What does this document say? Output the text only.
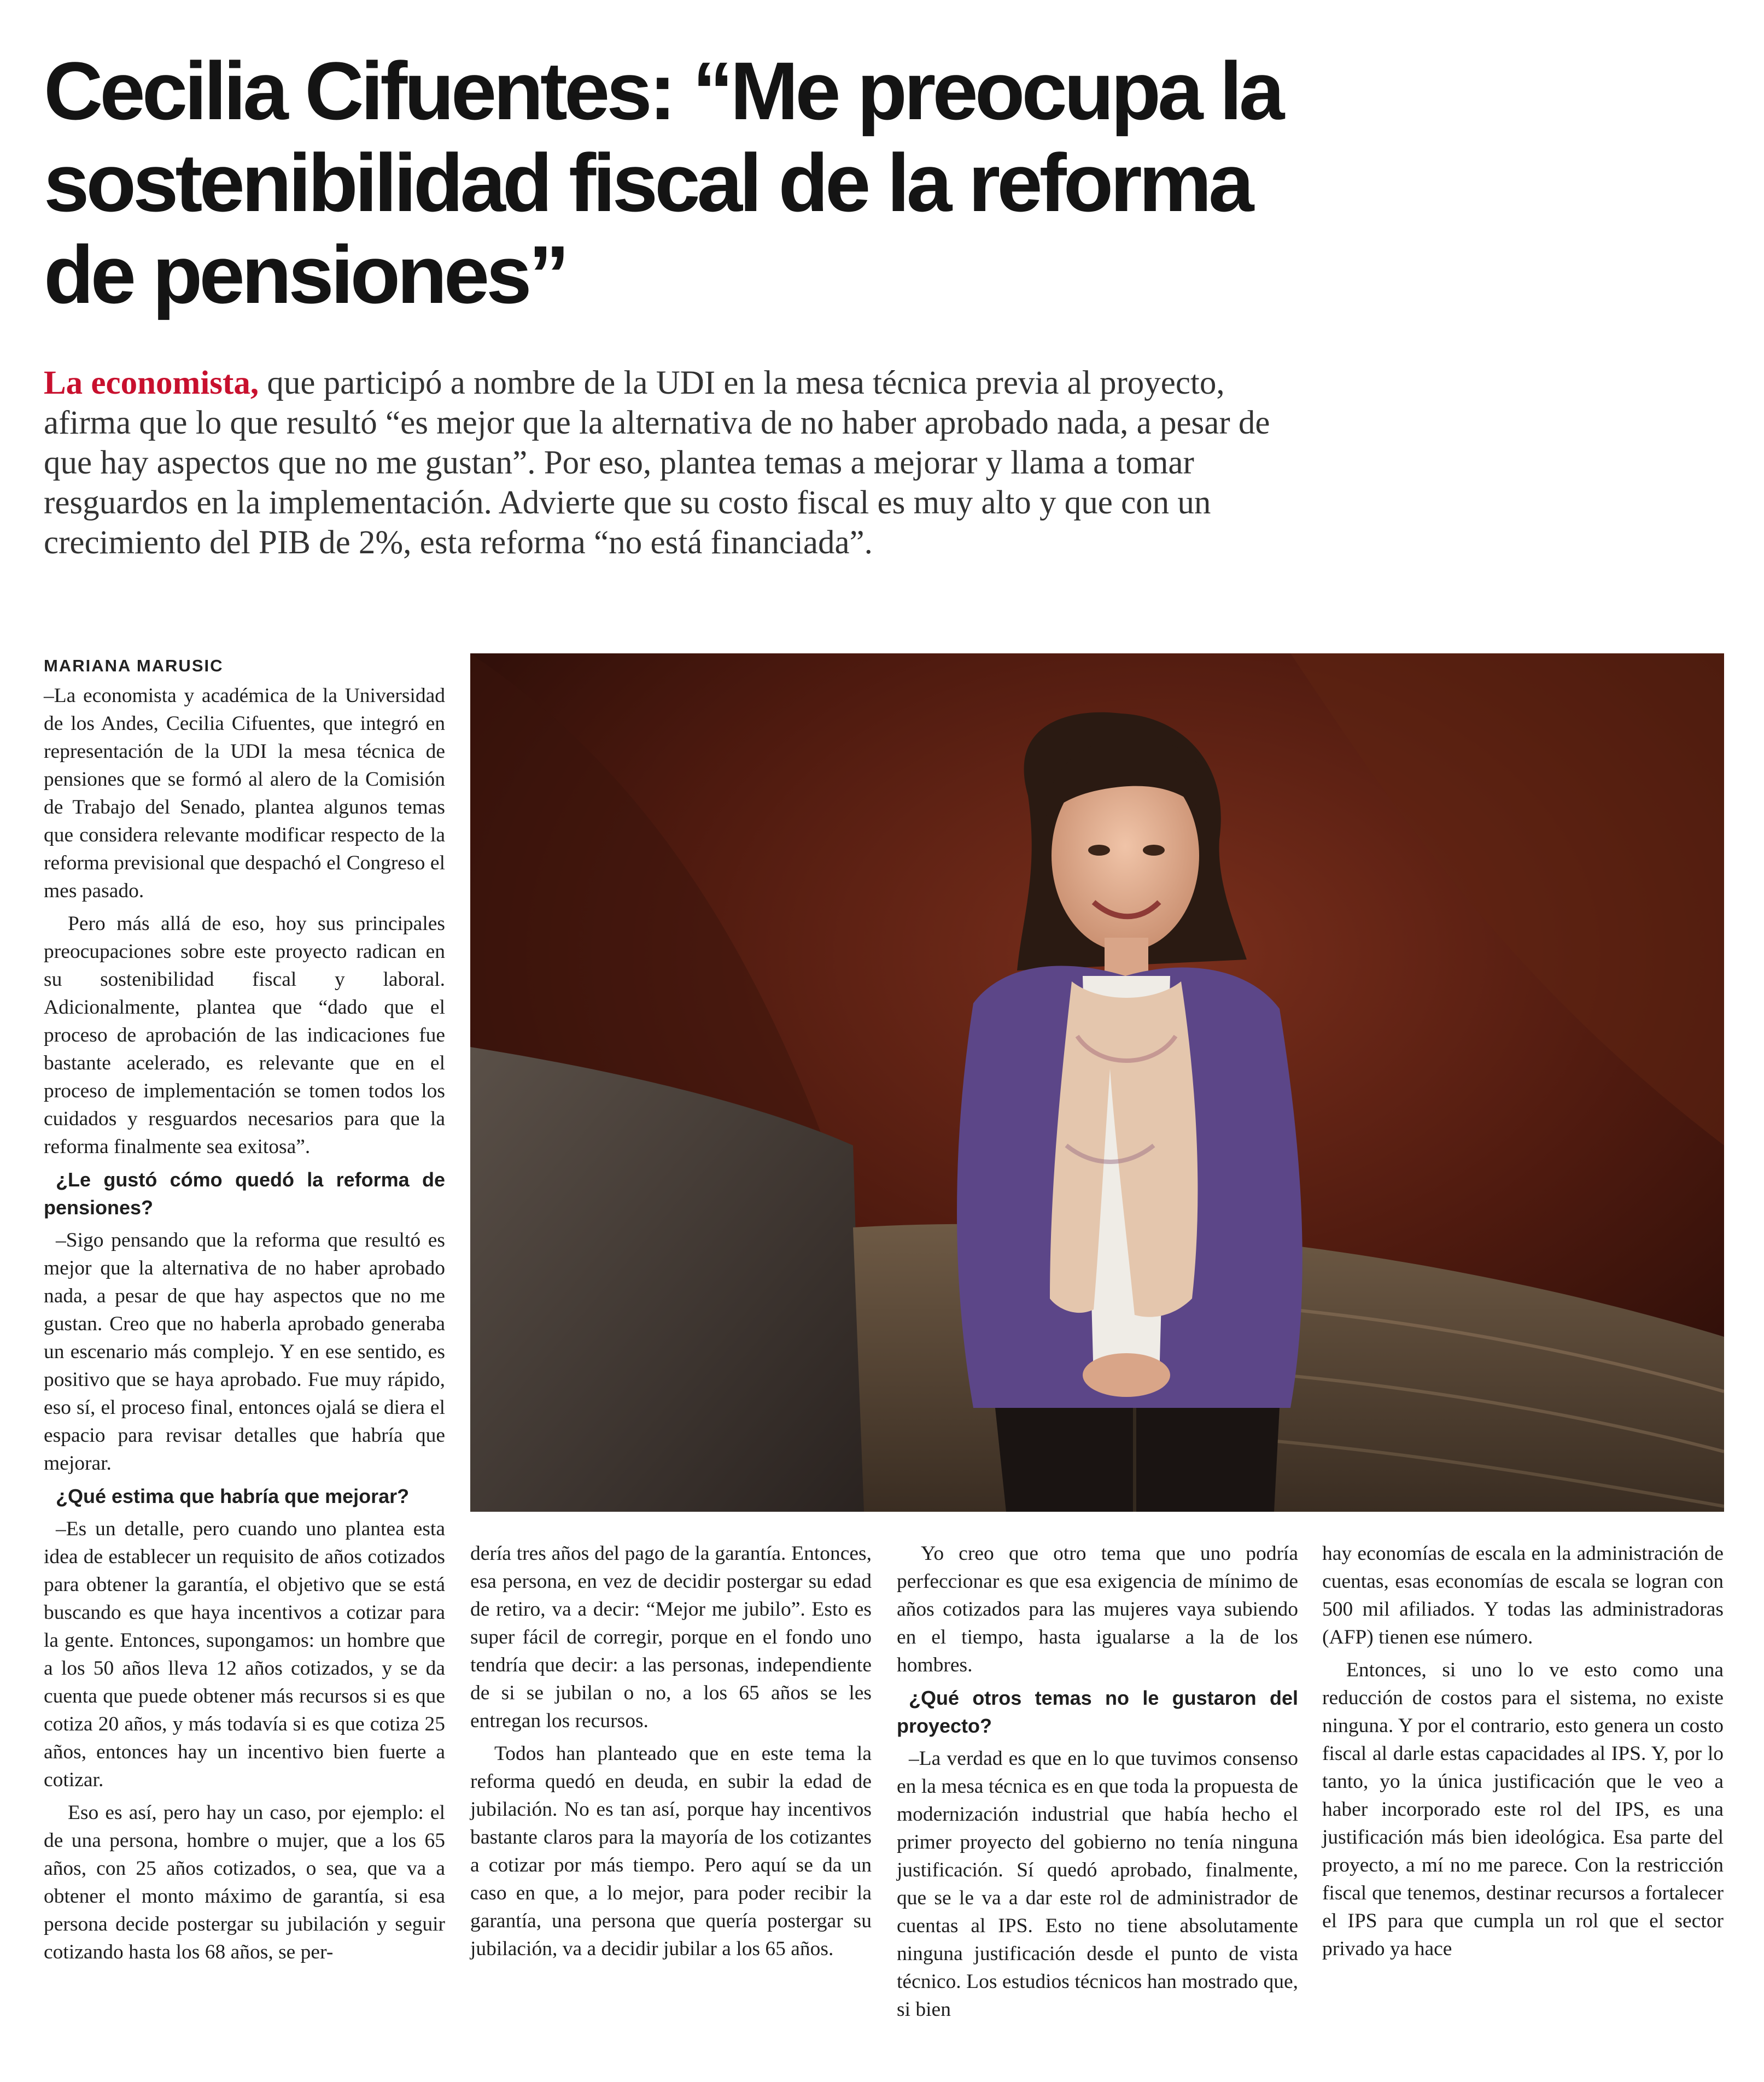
Cecilia Cifuentes: “Me preocupa la sostenibilidad fiscal de la reforma de pensiones”

La economista, que participó a nombre de la UDI en la mesa técnica previa al proyecto, afirma que lo que resultó “es mejor que la alternativa de no haber aprobado nada, a pesar de que hay aspectos que no me gustan”. Por eso, plantea temas a mejorar y llama a tomar resguardos en la implementación. Advierte que su costo fiscal es muy alto y que con un crecimiento del PIB de 2%, esta reforma “no está financiada”.

MARIANA MARUSIC

–La economista y académica de la Universidad de los Andes, Cecilia Cifuentes, que integró en representación de la UDI la mesa técnica de pensiones que se formó al alero de la Comisión de Trabajo del Senado, plantea algunos temas que considera relevante modificar respecto de la reforma previsional que despachó el Congreso el mes pasado.

Pero más allá de eso, hoy sus principales preocupaciones sobre este proyecto radican en su sostenibilidad fiscal y laboral. Adicionalmente, plantea que “dado que el proceso de aprobación de las indicaciones fue bastante acelerado, es relevante que en el proceso de implementación se tomen todos los cuidados y resguardos necesarios para que la reforma finalmente sea exitosa”.

¿Le gustó cómo quedó la reforma de pensiones?

–Sigo pensando que la reforma que resultó es mejor que la alternativa de no haber aprobado nada, a pesar de que hay aspectos que no me gustan. Creo que no haberla aprobado generaba un escenario más complejo. Y en ese sentido, es positivo que se haya aprobado. Fue muy rápido, eso sí, el proceso final, entonces ojalá se diera el espacio para revisar detalles que habría que mejorar.

¿Qué estima que habría que mejorar?

–Es un detalle, pero cuando uno plantea esta idea de establecer un requisito de años cotizados para obtener la garantía, el objetivo que se está buscando es que haya incentivos a cotizar para la gente. Entonces, supongamos: un hombre que a los 50 años lleva 12 años cotizados, y se da cuenta que puede obtener más recursos si es que cotiza 20 años, y más todavía si es que cotiza 25 años, entonces hay un incentivo bien fuerte a cotizar.

Eso es así, pero hay un caso, por ejemplo: el de una persona, hombre o mujer, que a los 65 años, con 25 años cotizados, o sea, que va a obtener el monto máximo de garantía, si esa persona decide postergar su jubilación y seguir cotizando hasta los 68 años, se per-

dería tres años del pago de la garantía. Entonces, esa persona, en vez de decidir postergar su edad de retiro, va a decir: “Mejor me jubilo”. Esto es super fácil de corregir, porque en el fondo uno tendría que decir: a las personas, independiente de si se jubilan o no, a los 65 años se les entregan los recursos.

Todos han planteado que en este tema la reforma quedó en deuda, en subir la edad de jubilación. No es tan así, porque hay incentivos bastante claros para la mayoría de los cotizantes a cotizar por más tiempo. Pero aquí se da un caso en que, a lo mejor, para poder recibir la garantía, una persona que quería postergar su jubilación, va a decidir jubilar a los 65 años.

Yo creo que otro tema que uno podría perfeccionar es que esa exigencia de mínimo de años cotizados para las mujeres vaya subiendo en el tiempo, hasta igualarse a la de los hombres.

¿Qué otros temas no le gustaron del proyecto?

–La verdad es que en lo que tuvimos consenso en la mesa técnica es en que toda la propuesta de modernización industrial que había hecho el primer proyecto del gobierno no tenía ninguna justificación. Sí quedó aprobado, finalmente, que se le va a dar este rol de administrador de cuentas al IPS. Esto no tiene absolutamente ninguna justificación desde el punto de vista técnico. Los estudios técnicos han mostrado que, si bien

hay economías de escala en la administración de cuentas, esas economías de escala se logran con 500 mil afiliados. Y todas las administradoras (AFP) tienen ese número.

Entonces, si uno lo ve esto como una reducción de costos para el sistema, no existe ninguna. Y por el contrario, esto genera un costo fiscal al darle estas capacidades al IPS. Y, por lo tanto, yo la única justificación que le veo a haber incorporado este rol del IPS, es una justificación más bien ideológica. Esa parte del proyecto, a mí no me parece. Con la restricción fiscal que tenemos, destinar recursos a fortalecer el IPS para que cumpla un rol que el sector privado ya hace
